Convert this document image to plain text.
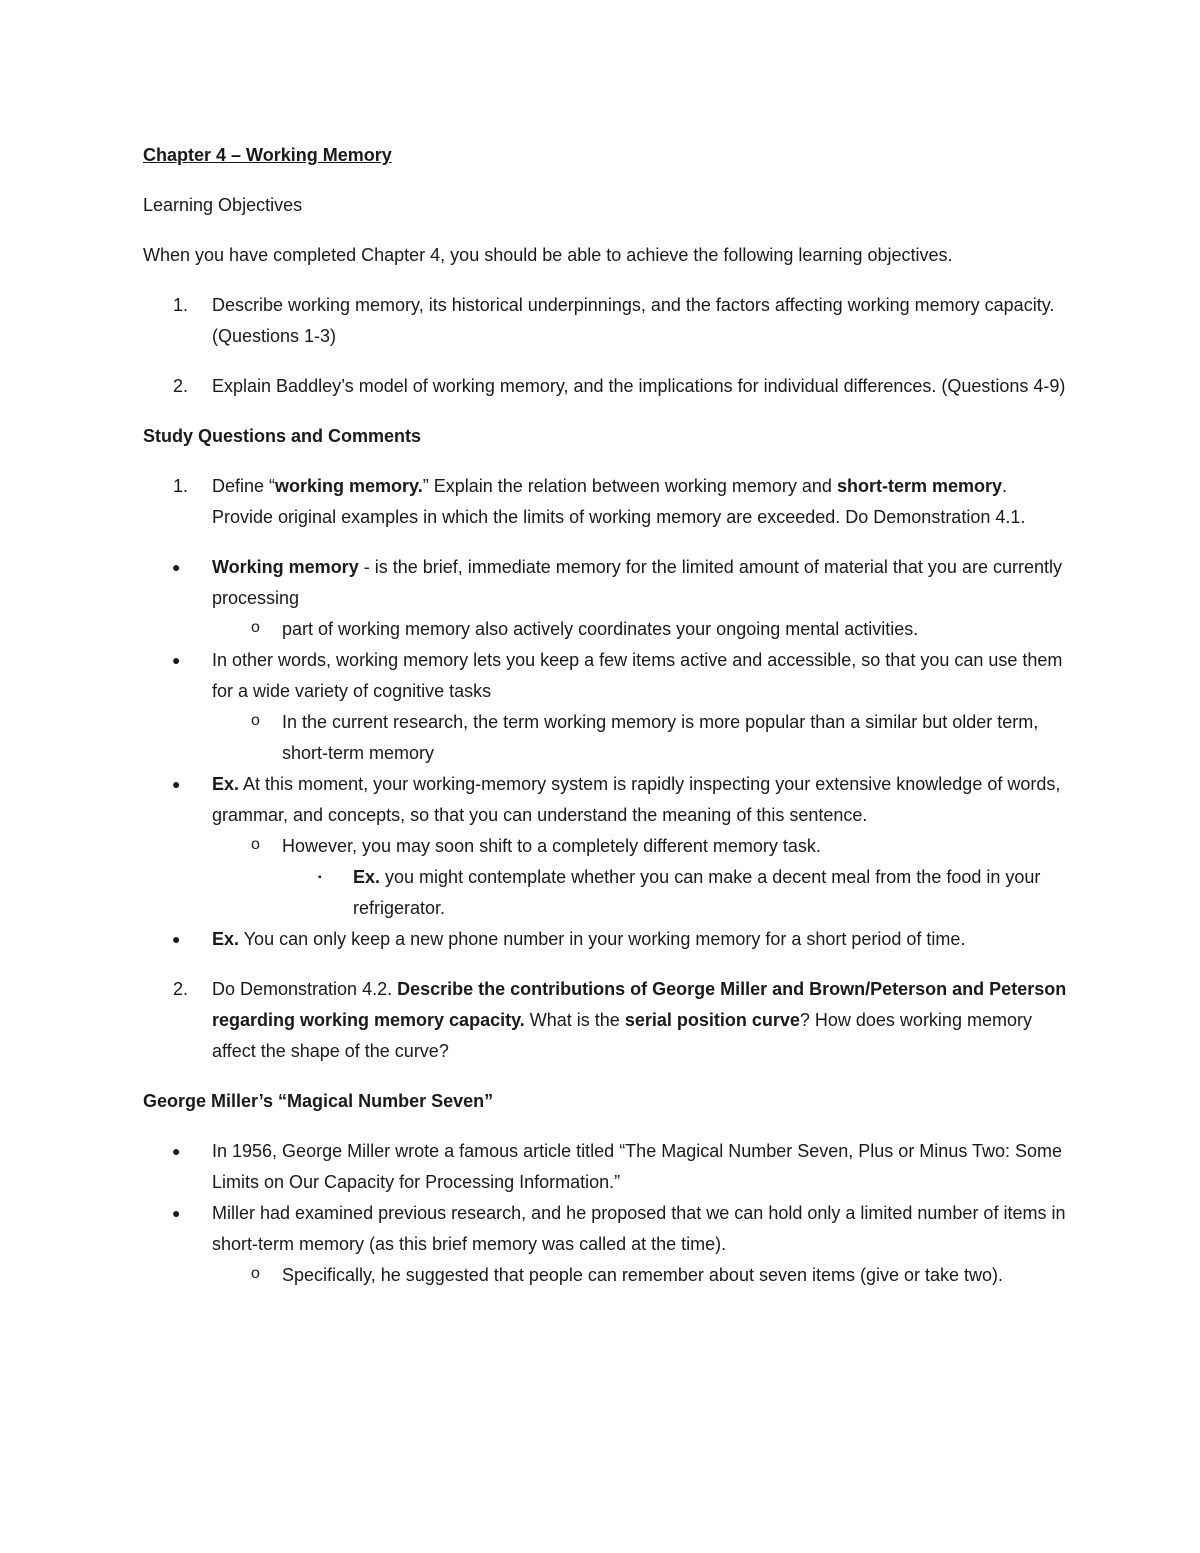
Chapter 4 – Working Memory

Learning Objectives

When you have completed Chapter 4, you should be able to achieve the following learning objectives.

1. Describe working memory, its historical underpinnings, and the factors affecting working memory capacity. (Questions 1-3)
2. Explain Baddley’s model of working memory, and the implications for individual differences. (Questions 4-9)

Study Questions and Comments

1. Define “working memory.” Explain the relation between working memory and short-term memory. Provide original examples in which the limits of working memory are exceeded. Do Demonstration 4.1.
● Working memory - is the brief, immediate memory for the limited amount of material that you are currently processing
o part of working memory also actively coordinates your ongoing mental activities.
● In other words, working memory lets you keep a few items active and accessible, so that you can use them for a wide variety of cognitive tasks
o In the current research, the term working memory is more popular than a similar but older term, short-term memory
● Ex. At this moment, your working-memory system is rapidly inspecting your extensive knowledge of words, grammar, and concepts, so that you can understand the meaning of this sentence.
o However, you may soon shift to a completely different memory task.
▪ Ex. you might contemplate whether you can make a decent meal from the food in your refrigerator.
● Ex. You can only keep a new phone number in your working memory for a short period of time.
2. Do Demonstration 4.2. Describe the contributions of George Miller and Brown/Peterson and Peterson regarding working memory capacity. What is the serial position curve? How does working memory affect the shape of the curve?

George Miller’s “Magical Number Seven”

● In 1956, George Miller wrote a famous article titled “The Magical Number Seven, Plus or Minus Two: Some Limits on Our Capacity for Processing Information.”
● Miller had examined previous research, and he proposed that we can hold only a limited number of items in short-term memory (as this brief memory was called at the time).
o Specifically, he suggested that people can remember about seven items (give or take two).
